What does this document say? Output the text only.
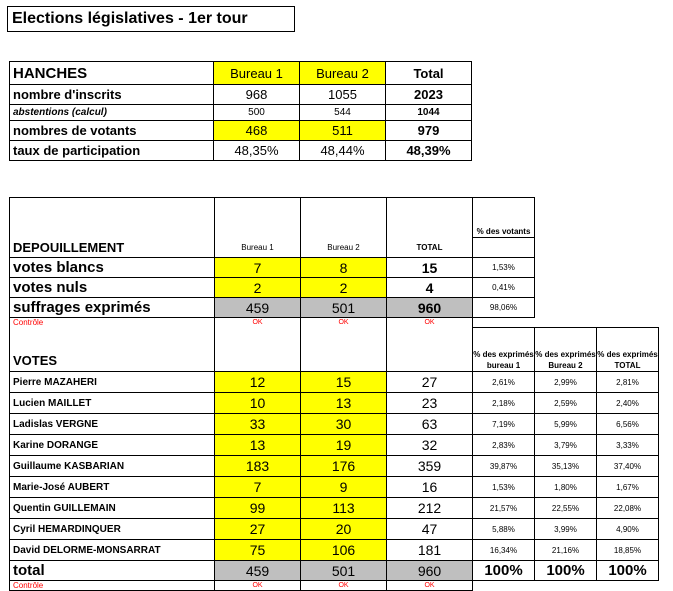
Elections législatives - 1er tour
HANCHES	Bureau 1	Bureau 2	Total
nombre d'inscrits	968	1055	2023
abstentions (calcul)	500	544	1044
nombres de votants	468	511	979
taux de participation	48,35%	48,44%	48,39%
				% des votants		
DEPOUILLEMENT	Bureau 1	Bureau 2	TOTAL			
votes blancs	7	8	15	1,53%		
votes nuls	2	2	4	0,41%		
suffrages exprimés	459	501	960	98,06%		
Contrôle	OK	OK	OK			
VOTES				% des exprimés bureau 1	% des exprimés Bureau 2	% des exprimés TOTAL
Pierre MAZAHERI	12	15	27	2,61%	2,99%	2,81%
Lucien MAILLET	10	13	23	2,18%	2,59%	2,40%
Ladislas VERGNE	33	30	63	7,19%	5,99%	6,56%
Karine DORANGE	13	19	32	2,83%	3,79%	3,33%
Guillaume KASBARIAN	183	176	359	39,87%	35,13%	37,40%
Marie-José AUBERT	7	9	16	1,53%	1,80%	1,67%
Quentin GUILLEMAIN	99	113	212	21,57%	22,55%	22,08%
Cyril HEMARDINQUER	27	20	47	5,88%	3,99%	4,90%
David DELORME-MONSARRAT	75	106	181	16,34%	21,16%	18,85%
total	459	501	960	100%	100%	100%
Contrôle	OK	OK	OK			
